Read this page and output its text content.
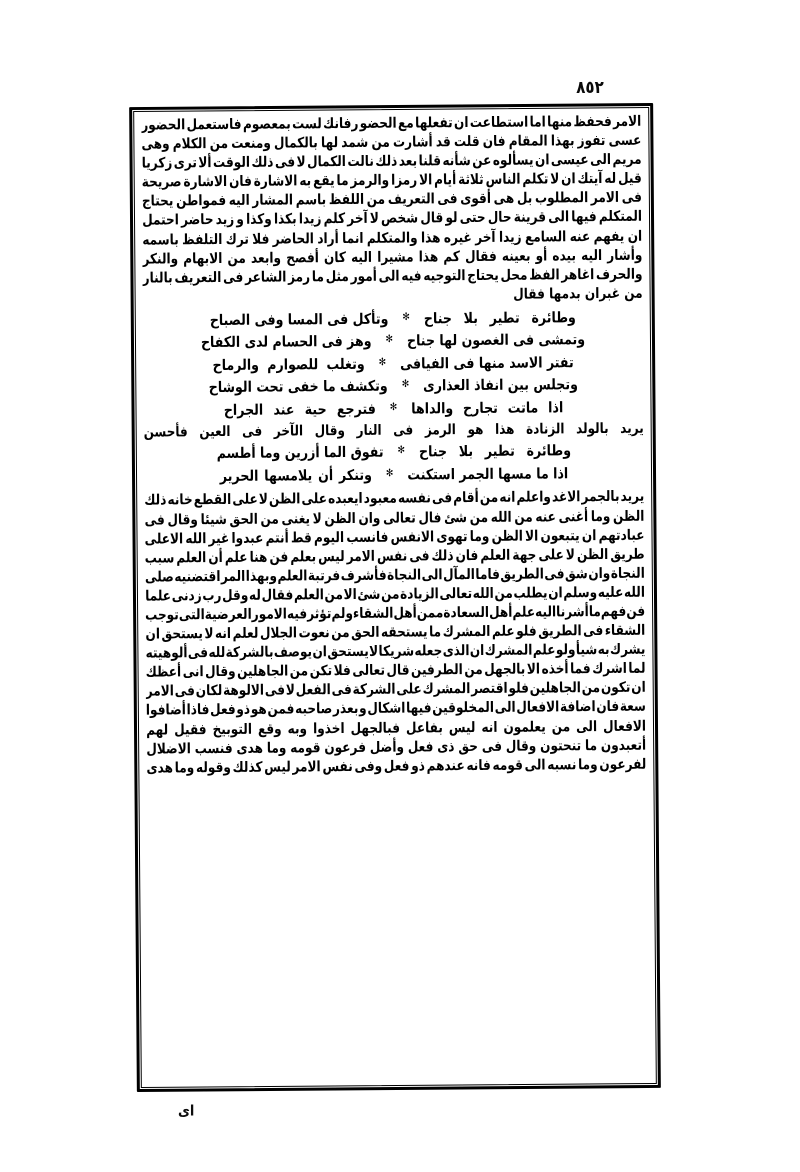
٨٥٢
الامر
فحفظ
منها
اما
استطاعت
ان
تفعلها
مع
الحضو
رفانك
لست
بمعصوم
فاستعمل
الحضور
عسى
تفوز
بهذا
المقام
فان
قلت
قد
أشارت
من
شمد
لها
بالكمال
ومنعت
من
الكلام
وهى
مريم
الى
عيسى
ان
يسألوه
عن
شأنه
قلنا
بعد
ذلك
نالت
الكمال
لا
فى
ذلك
الوقت
ألا
ترى
زكريا
قيل
له
آيتك
ان
لا
تكلم
الناس
ثلاثة
أيام
الا
رمزا
والرمز
ما
يقع
به
الاشارة
فان
الاشارة
صريحة
فى
الامر
المطلوب
بل
هى
أقوى
فى
التعريف
من
اللفظ
باسم
المشار
اليه
فمواطن
يحتاج
المتكلم
فيها
الى
قرينة
حال
حتى
لو
قال
شخص
لا
آخر
كلم
زيدا
بكذا
وكذا
و
زيد
حاضر
احتمل
ان
يفهم
عنه
السامع
زيدا
آخر
غيره
هذا
والمتكلم
انما
أراد
الحاضر
فلا
ترك
التلفظ
باسمه
وأشار
اليه
بيده
أو
بعينه
فقال
كم
هذا
مشيرا
اليه
كان
أفصح
وابعد
من
الابهام
والنكر
والحرف
اغاهر
الفظ
محل
يحتاج
التوجيه
فيه
الى
أمور
مثل
ما
رمز
الشاعر
فى
التعريف
بالنار
من غبران بدمها فقال
وطائرة تطير بلا جناح
✻
وتأكل فى المسا وفى الصباح
وتمشى فى الغصون لها جناح
✻
وهز فى الحسام لدى الكفاح
تفتر الاسد منها فى الفيافى
✻
وتغلب للصوارم والرماح
وتجلس بين انفاذ العذارى
✻
وتكشف ما خفى تحت الوشاح
اذا ماتت تجارح والداها
✻
فترجع حية عند الجراح
يريد بالولد الزنادة هذا هو الرمز فى النار وقال الآخر فى العين فأحسن
وطائرة تطير بلا جناح
✻
تفوق الما أزرين وما أطسم
اذا ما مسها الجمر استكنت
✻
وتنكر أن يلامسها الحرير
يريد
بالجمر
الاغد
واعلم
انه
من
أقام
فى
نفسه
معبود
ايعبده
على
الظن
لا
على
القطع
خانه
ذلك
الظن
وما
أغنى
عنه
من
الله
من
شئ
فال
تعالى
وان
الظن
لا
يغنى
من
الحق
شيئا
وقال
فى
عبادتهم
ان
يتبعون
الا
الظن
وما
تهوى
الانفس
فانسب
اليوم
قط
أنتم
عبدوا
غير
الله
الاعلى
طريق
الظن
لا
على
جهة
العلم
فان
ذلك
فى
نفس
الامر
ليس
بعلم
فن
هنا
علم
أن
العلم
سبب
النجاة
وان
شق
فى
الطريق
فاما
المآل
الى
النجاة
فأشرف
فرتبة
العلم
وبهذا
المر
اقتضنيه
صلى
الله
عليه
وسلم
ان
يطلب
من
الله
تعالى
الزيادة
من
شئ
الا
من
العلم
فقال
له
وقل
رب
زدنى
علما
فن
فهم
ما
أشرنا
اليه
علم
أهل
السعادة
ممن
أهل
الشقاء
ولم
تؤثر
فيه
الامور
العرضية
التى
توجب
الشقاء
فى
الطريق
فلو
علم
المشرك
ما
يستحقه
الحق
من
نعوت
الجلال
لعلم
انه
لا
يستحق
ان
يشرك
به
شيأ
ولو
علم
المشرك
ان
الذى
جعله
شريكا
لا
يستحق
ان
يوصف
بالشركة
لله
فى
ألوهيته
لما
اشرك
فما
أخذه
الا
بالجهل
من
الطرفين
قال
تعالى
فلا
تكن
من
الجاهلين
وقال
انى
أعظك
ان
تكون
من
الجاهلين
فلو
اقتصر
المشرك
على
الشركة
فى
الفعل
لا
فى
الالوهة
لكان
فى
الامر
سعة
فان
اضافة
الافعال
الى
المخلوقين
فيها
اشكال
و
بعذر
صاحبه
فمن
هو
ذو
فعل
فاذا
أضافوا
الافعال
الى
من
يعلمون
انه
ليس
بفاعل
فبالجهل
اخذوا
وبه
وقع
التوبيخ
فقيل
لهم
أتعبدون
ما
تنحتون
وقال
فى
حق
ذى
فعل
وأضل
فرعون
قومه
وما
هدى
فنسب
الاضلال
لفرعون
وما
نسبه
الى
قومه
فانه
عندهم
ذو
فعل
وفى
نفس
الامر
ليس
كذلك
وقوله
وما
هدى
اى
